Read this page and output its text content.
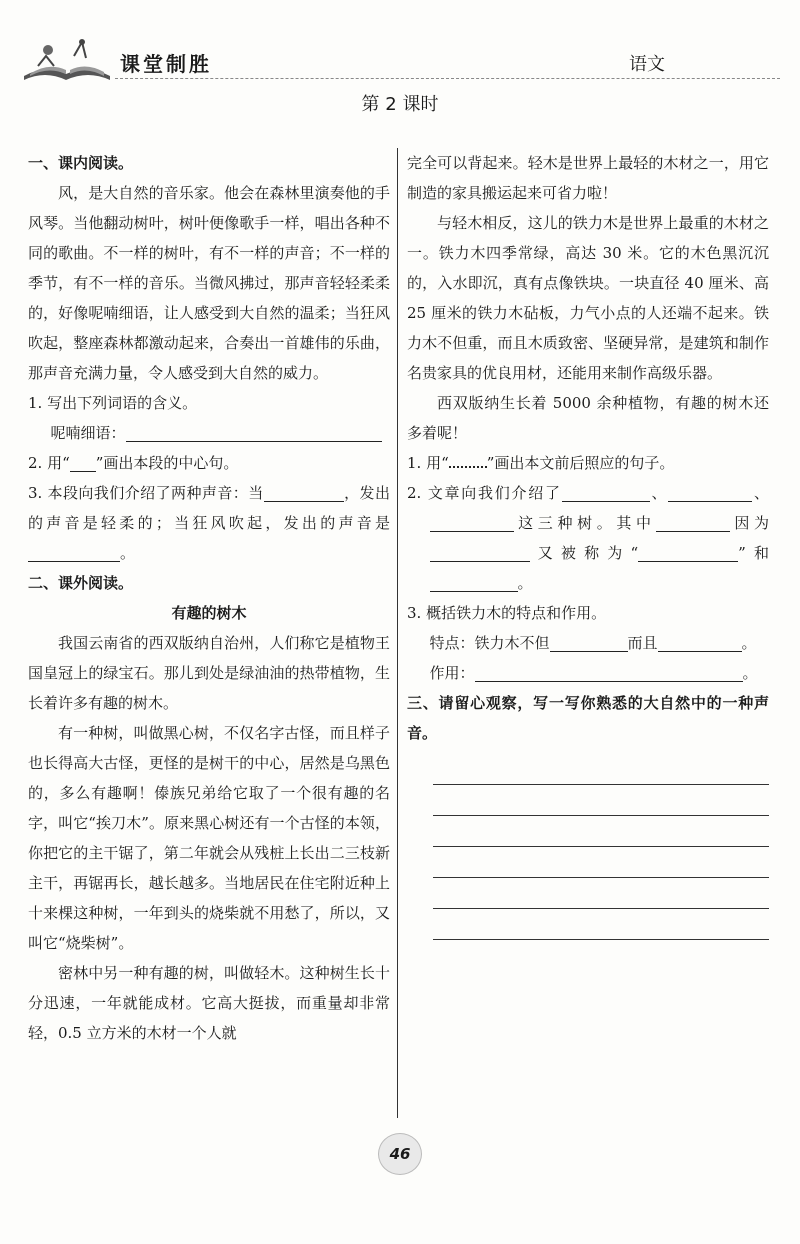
课堂制胜	语文
第 2 课时

一、课内阅读。

风，是大自然的音乐家。他会在森林里演奏他的手风琴。当他翻动树叶，树叶便像歌手一样，唱出各种不同的歌曲。不一样的树叶，有不一样的声音；不一样的季节，有不一样的音乐。当微风拂过，那声音轻轻柔柔的，好像呢喃细语，让人感受到大自然的温柔；当狂风吹起，整座森林都激动起来，合奏出一首雄伟的乐曲，那声音充满力量，令人感受到大自然的威力。

1. 写出下列词语的含义。

呢喃细语：

2. 用“ ”画出本段的中心句。

3. 本段向我们介绍了两种声音：当	，发出的声音是轻柔的；当狂风吹起，发出的声音是。

二、课外阅读。

有趣的树木

我国云南省的西双版纳自治州，人们称它是植物王国皇冠上的绿宝石。那儿到处是绿油油的热带植物，生长着许多有趣的树木。

有一种树，叫做黑心树，不仅名字古怪，而且样子也长得高大古怪，更怪的是树干的中心，居然是乌黑色的，多么有趣啊！傣族兄弟给它取了一个很有趣的名字，叫它“挨刀木”。原来黑心树还有一个古怪的本领，你把它的主干锯了，第二年就会从残桩上长出二三枝新主干，再锯再长，越长越多。当地居民在住宅附近种上十来棵这种树，一年到头的烧柴就不用愁了，所以，又叫它“烧柴树”。

密林中另一种有趣的树，叫做轻木。这种树生长十分迅速，一年就能成材。它高大挺拔，而重量却非常轻，0.5 立方米的木材一个人就

完全可以背起来。轻木是世界上最轻的木材之一，用它制造的家具搬运起来可省力啦！

与轻木相反，这儿的铁力木是世界上最重的木材之一。铁力木四季常绿，高达 30 米。它的木色黑沉沉的，入水即沉，真有点像铁块。一块直径 40 厘米、高 25 厘米的铁力木砧板，力气小点的人还端不起来。铁力木不但重，而且木质致密、坚硬异常，是建筑和制作名贵家具的优良用材，还能用来制作高级乐器。

西双版纳生长着 5000 余种植物，有趣的树木还多着呢！

1. 用“	”画出本文前后照应的句子。

2. 文章向我们介绍了	、	、 这三种树。其中	因为 又被称为“	”和 。

3. 概括铁力木的特点和作用。

特点：铁力木不但	而且	。

作用：	。

三、请留心观察，写一写你熟悉的大自然中的一种声音。

46
